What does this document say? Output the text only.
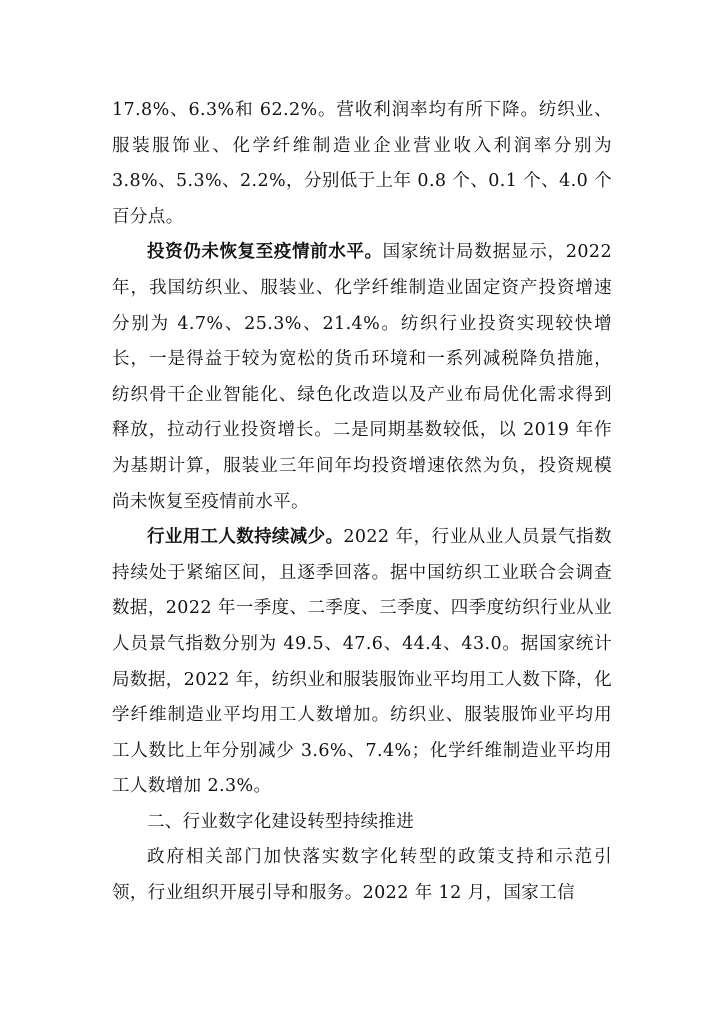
17.8%、6.3%和 62.2%。营收利润率均有所下降。纺织业、服装服饰业、化学纤维制造业企业营业收入利润率分别为 3.8%、5.3%、2.2%，分别低于上年 0.8 个、0.1 个、4.0 个百分点。

投资仍未恢复至疫情前水平。国家统计局数据显示，2022 年，我国纺织业、服装业、化学纤维制造业固定资产投资增速分别为 4.7%、25.3%、21.4%。纺织行业投资实现较快增长，一是得益于较为宽松的货币环境和一系列减税降负措施，纺织骨干企业智能化、绿色化改造以及产业布局优化需求得到释放，拉动行业投资增长。二是同期基数较低，以 2019 年作为基期计算，服装业三年间年均投资增速依然为负，投资规模尚未恢复至疫情前水平。

行业用工人数持续减少。2022 年，行业从业人员景气指数持续处于紧缩区间，且逐季回落。据中国纺织工业联合会调查数据，2022 年一季度、二季度、三季度、四季度纺织行业从业人员景气指数分别为 49.5、47.6、44.4、43.0。据国家统计局数据，2022 年，纺织业和服装服饰业平均用工人数下降，化学纤维制造业平均用工人数增加。纺织业、服装服饰业平均用工人数比上年分别减少 3.6%、7.4%；化学纤维制造业平均用工人数增加 2.3%。

二、行业数字化建设转型持续推进

政府相关部门加快落实数字化转型的政策支持和示范引领，行业组织开展引导和服务。2022 年 12 月，国家工信
